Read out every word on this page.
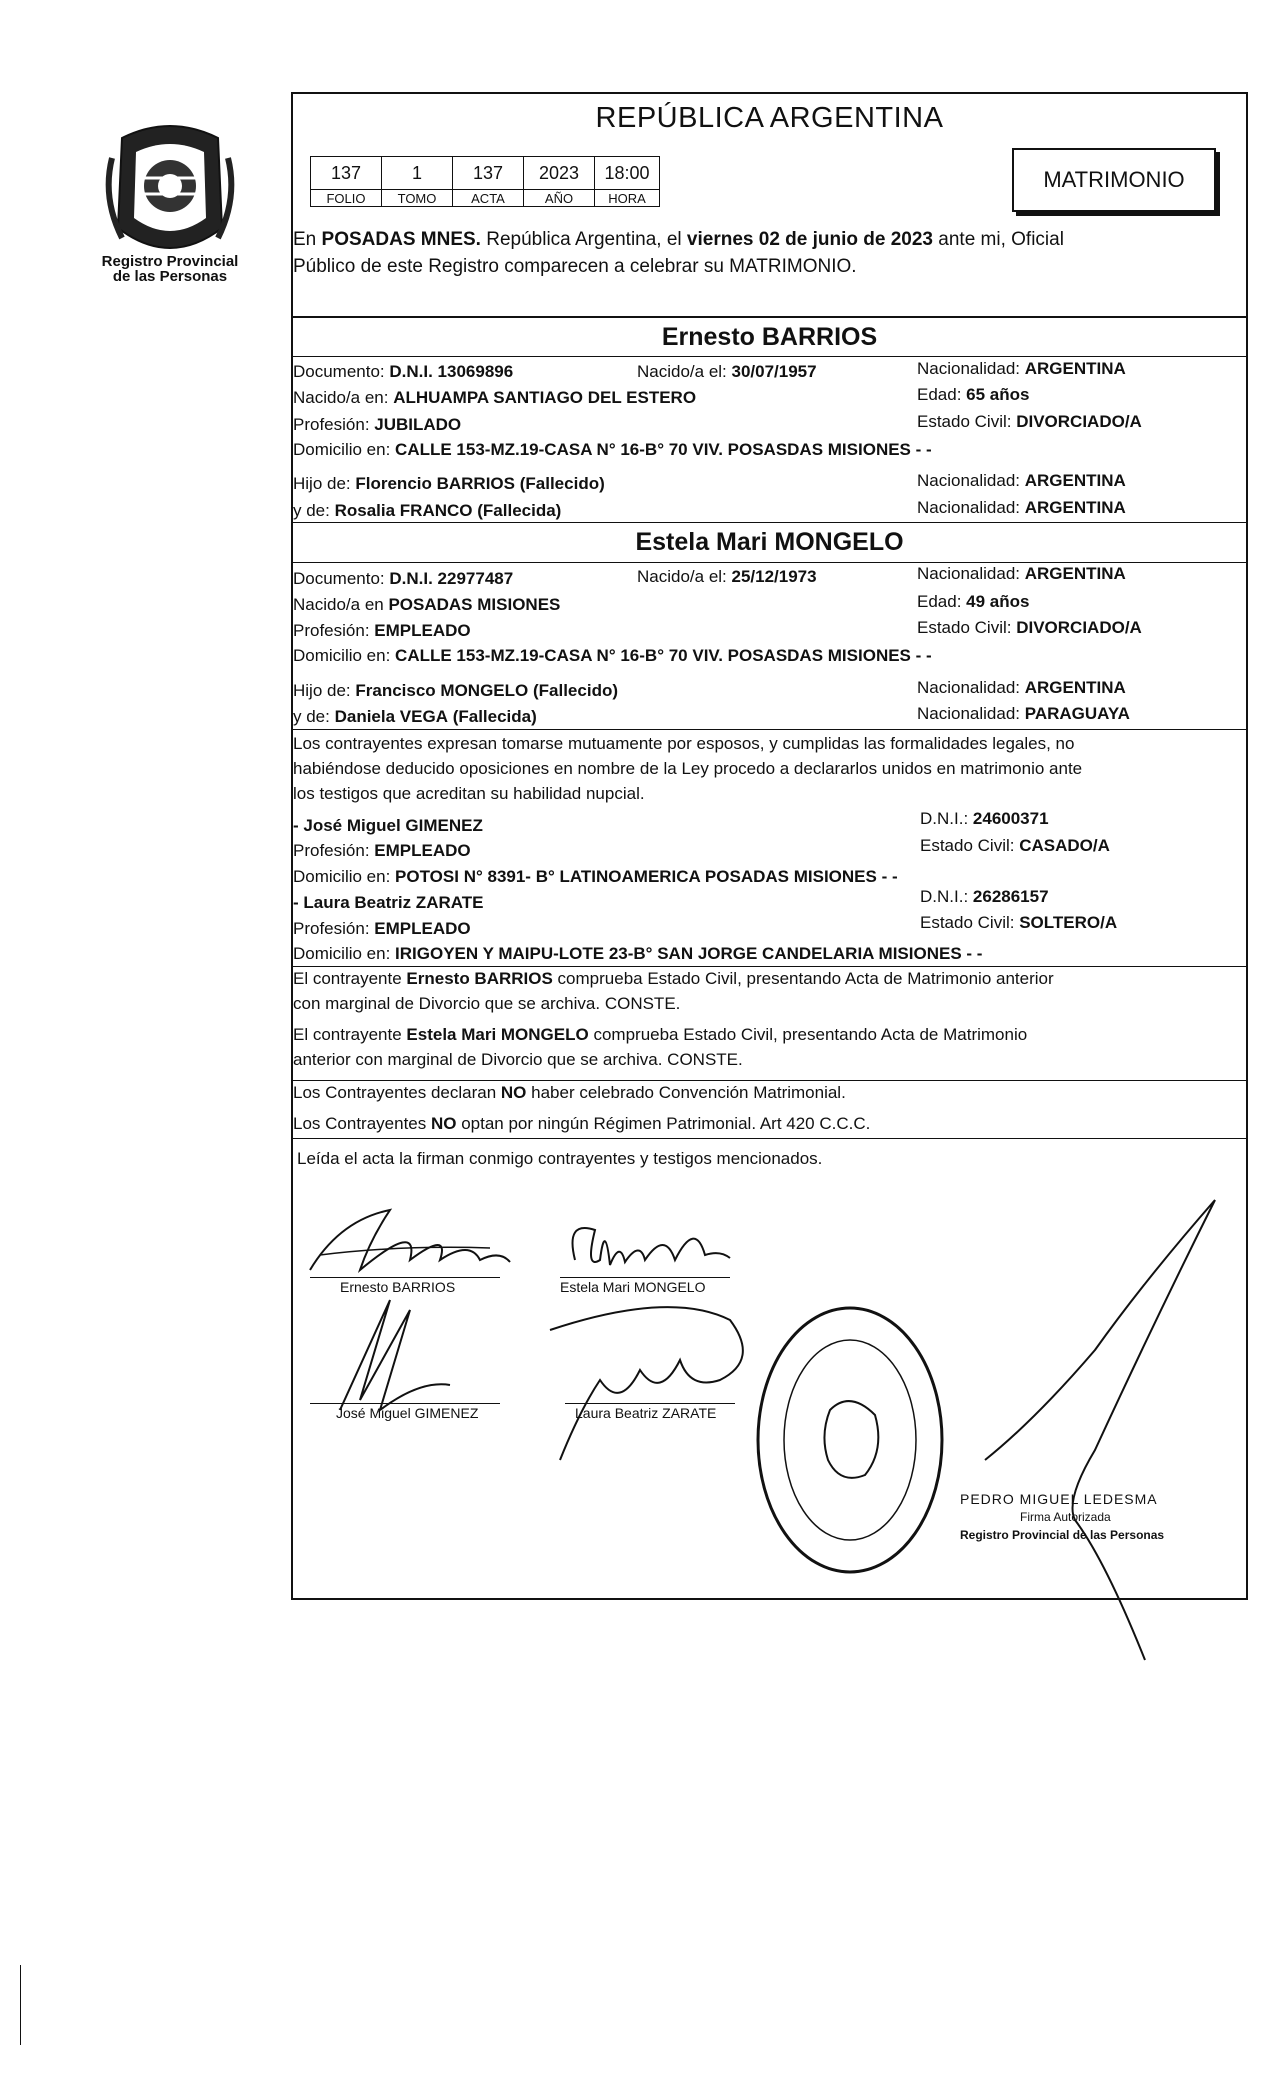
Registro Provincial
de las Personas
REPÚBLICA ARGENTINA
137	1	137	2023	18:00
FOLIO	TOMO	ACTA	AÑO	HORA
MATRIMONIO
En POSADAS MNES. República Argentina, el viernes 02 de junio de 2023 ante mi, Oficial
Público de este Registro comparecen a celebrar su MATRIMONIO.
Ernesto BARRIOS
Documento: D.N.I. 13069896	Nacido/a el: 30/07/1957	Nacionalidad: ARGENTINA
Nacido/a en: ALHUAMPA SANTIAGO DEL ESTERO	Edad: 65 años
Profesión: JUBILADO	Estado Civil: DIVORCIADO/A
Domicilio en: CALLE 153-MZ.19-CASA N° 16-B° 70 VIV. POSASDAS MISIONES - -
Hijo de: Florencio BARRIOS (Fallecido)	Nacionalidad: ARGENTINA
y de: Rosalia FRANCO (Fallecida)	Nacionalidad: ARGENTINA
Estela Mari MONGELO
Documento: D.N.I. 22977487	Nacido/a el: 25/12/1973	Nacionalidad: ARGENTINA
Nacido/a en POSADAS MISIONES	Edad: 49 años
Profesión: EMPLEADO	Estado Civil: DIVORCIADO/A
Domicilio en: CALLE 153-MZ.19-CASA N° 16-B° 70 VIV. POSASDAS MISIONES - -
Hijo de: Francisco MONGELO (Fallecido)	Nacionalidad: ARGENTINA
y de: Daniela VEGA (Fallecida)	Nacionalidad: PARAGUAYA
Los contrayentes expresan tomarse mutuamente por esposos, y cumplidas las formalidades legales, no
habiéndose deducido oposiciones en nombre de la Ley procedo a declararlos unidos en matrimonio ante
los testigos que acreditan su habilidad nupcial.
- José Miguel GIMENEZ	D.N.I.: 24600371
Profesión: EMPLEADO	Estado Civil: CASADO/A
Domicilio en: POTOSI N° 8391- B° LATINOAMERICA POSADAS MISIONES - -
- Laura Beatriz ZARATE	D.N.I.: 26286157
Profesión: EMPLEADO	Estado Civil: SOLTERO/A
Domicilio en: IRIGOYEN Y MAIPU-LOTE 23-B° SAN JORGE CANDELARIA MISIONES - -
El contrayente Ernesto BARRIOS comprueba Estado Civil, presentando Acta de Matrimonio anterior
con marginal de Divorcio que se archiva. CONSTE.
El contrayente Estela Mari MONGELO comprueba Estado Civil, presentando Acta de Matrimonio
anterior con marginal de Divorcio que se archiva. CONSTE.
Los Contrayentes declaran NO haber celebrado Convención Matrimonial.
Los Contrayentes NO optan por ningún Régimen Patrimonial. Art 420 C.C.C.
Leída el acta la firman conmigo contrayentes y testigos mencionados.
Ernesto BARRIOS	Estela Mari MONGELO
José Miguel GIMENEZ	Laura Beatriz ZARATE
PEDRO MIGUEL LEDESMA
Firma Autorizada
Registro Provincial de las Personas
